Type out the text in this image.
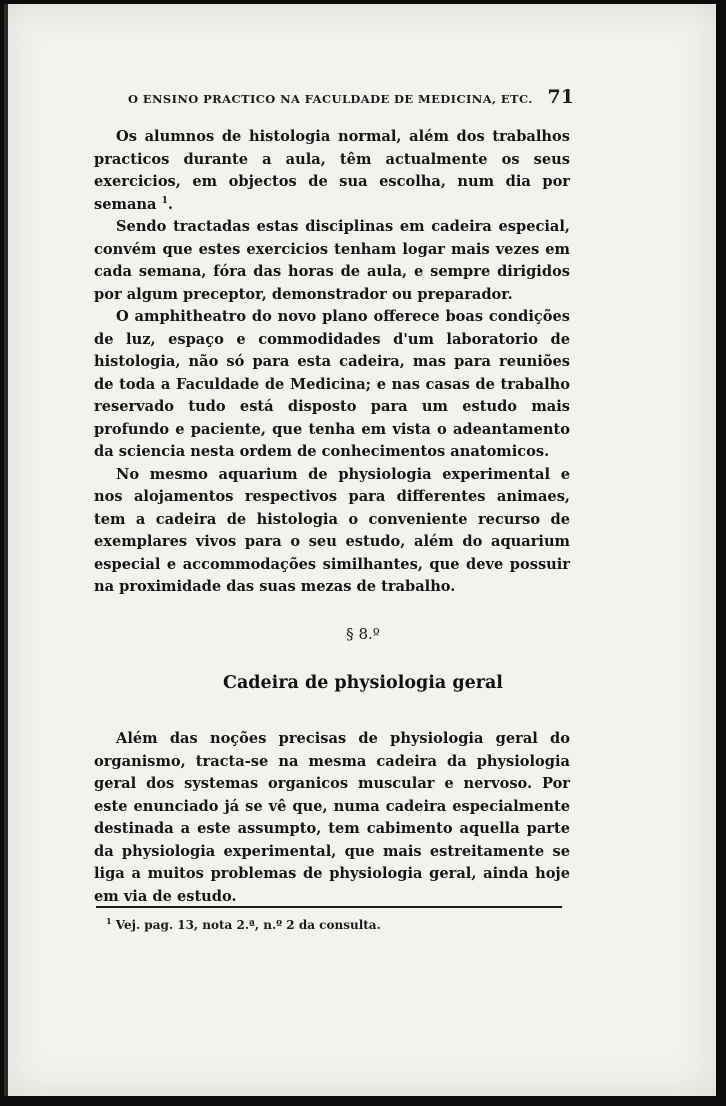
O ENSINO PRACTICO NA FACULDADE DE MEDICINA, ETC. 71

Os alumnos de histologia normal, além dos trabalhos practicos durante a aula, têm actualmente os seus exercicios, em objectos de sua escolha, num dia por semana $^1$.

Sendo tractadas estas disciplinas em cadeira especial, convém que estes exercicios tenham logar mais vezes em cada semana, fóra das horas de aula, e sempre dirigidos por algum preceptor, demonstrador ou preparador.

O amphitheatro do novo plano offerece boas condições de luz, espaço e commodidades d'um laboratorio de histologia, não só para esta cadeira, mas para reuniões de toda a Faculdade de Medicina; e nas casas de trabalho reservado tudo está disposto para um estudo mais profundo e paciente, que tenha em vista o adeantamento da sciencia nesta ordem de conhecimentos anatomicos.

No mesmo aquarium de physiologia experimental e nos alojamentos respectivos para differentes animaes, tem a cadeira de histologia o conveniente recurso de exemplares vivos para o seu estudo, além do aquarium especial e accommodações similhantes, que deve possuir na proximidade das suas mezas de trabalho.

§ 8.º
Cadeira de physiologia geral

Além das noções precisas de physiologia geral do organismo, tracta-se na mesma cadeira da physiologia geral dos systemas organicos muscular e nervoso. Por este enunciado já se vê que, numa cadeira especialmente destinada a este assumpto, tem cabimento aquella parte da physiologia experimental, que mais estreitamente se liga a muitos problemas de physiologia geral, ainda hoje em via de estudo.

$^1$ Vej. pag. 13, nota 2.ª, n.º 2 da consulta.
